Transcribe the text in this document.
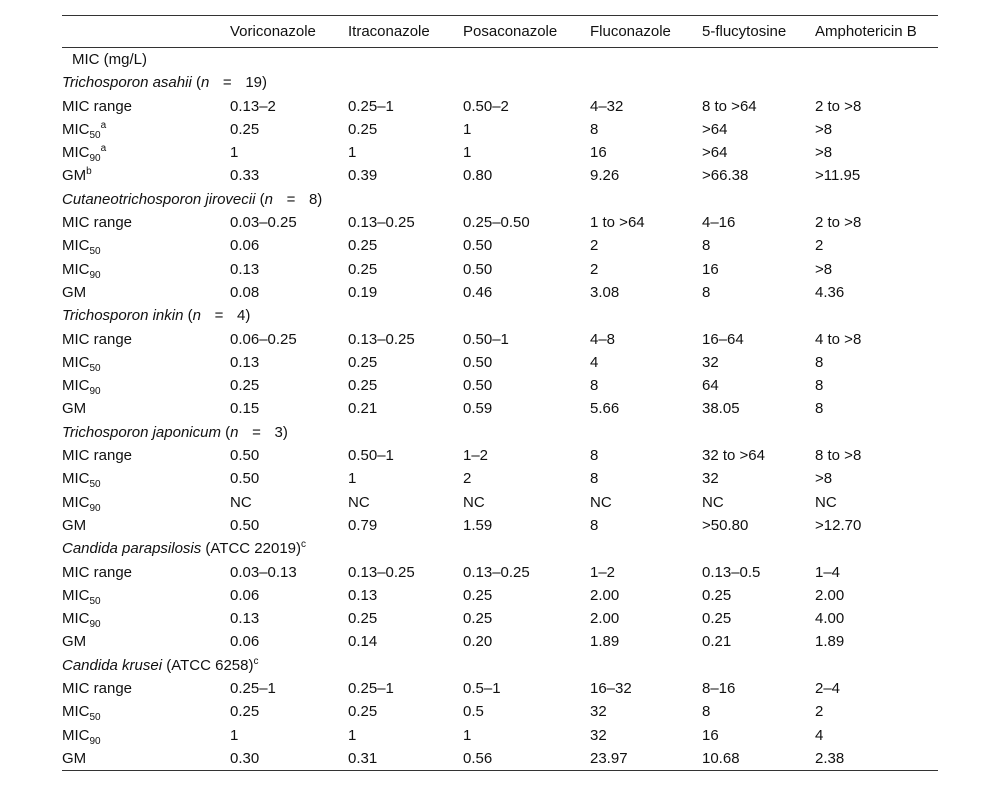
	Voriconazole	Itraconazole	Posaconazole	Fluconazole	5-flucytosine	Amphotericin B
MIC (mg/L)						
Trichosporon asahii (n = 19)						
MIC range	0.13–2	0.25–1	0.50–2	4–32	8 to >64	2 to >8
$MIC_{50}^a$	0.25	0.25	1	8	>64	>8
$MIC_{90}^a$	1	1	1	16	>64	>8
$GM^b$	0.33	0.39	0.80	9.26	>66.38	>11.95
Cutaneotrichosporon jirovecii (n = 8)						
MIC range	0.03–0.25	0.13–0.25	0.25–0.50	1 to >64	4–16	2 to >8
$MIC_{50}$	0.06	0.25	0.50	2	8	2
$MIC_{90}$	0.13	0.25	0.50	2	16	>8
GM	0.08	0.19	0.46	3.08	8	4.36
Trichosporon inkin (n = 4)						
MIC range	0.06–0.25	0.13–0.25	0.50–1	4–8	16–64	4 to >8
$MIC_{50}$	0.13	0.25	0.50	4	32	8
$MIC_{90}$	0.25	0.25	0.50	8	64	8
GM	0.15	0.21	0.59	5.66	38.05	8
Trichosporon japonicum (n = 3)						
MIC range	0.50	0.50–1	1–2	8	32 to >64	8 to >8
$MIC_{50}$	0.50	1	2	8	32	>8
$MIC_{90}$	NC	NC	NC	NC	NC	NC
GM	0.50	0.79	1.59	8	>50.80	>12.70
Candida parapsilosis (ATCC 22019)$^c$
MIC range	0.03–0.13	0.13–0.25	0.13–0.25	1–2	0.13–0.5	1–4
$MIC_{50}$	0.06	0.13	0.25	2.00	0.25	2.00
$MIC_{90}$	0.13	0.25	0.25	2.00	0.25	4.00
GM	0.06	0.14	0.20	1.89	0.21	1.89
Candida krusei (ATCC 6258)$^c$
MIC range	0.25–1	0.25–1	0.5–1	16–32	8–16	2–4
$MIC_{50}$	0.25	0.25	0.5	32	8	2
$MIC_{90}$	1	1	1	32	16	4
GM	0.30	0.31	0.56	23.97	10.68	2.38
